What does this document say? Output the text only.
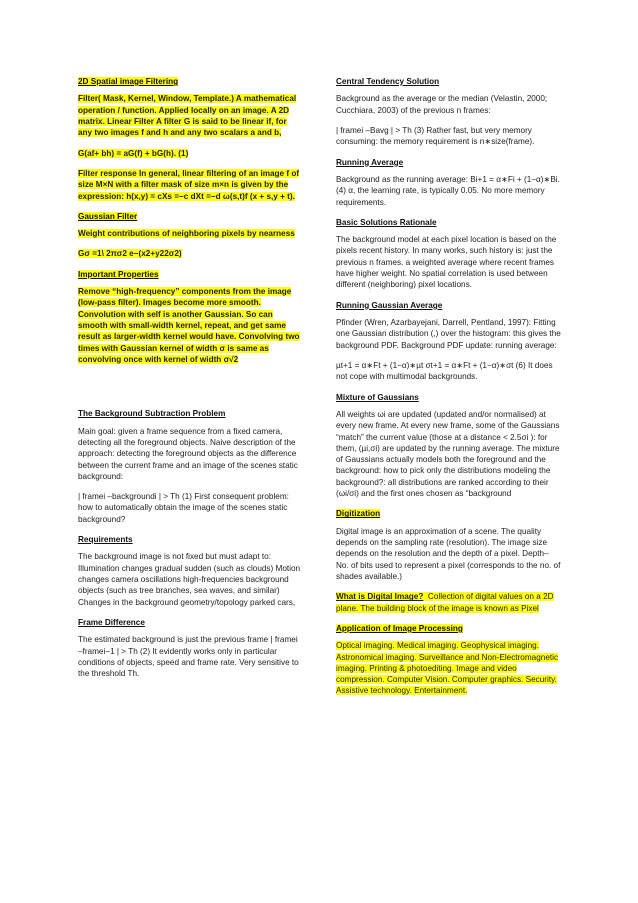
2D Spatial image Filtering
Filter( Mask, Kernel, Window, Template.) A mathematical operation / function. Applied locally on an image. A 2D matrix. Linear Filter A filter G is said to be linear if, for any two images f and h and any two scalars a and b,
G(af+ bh) = aG(f) + bG(h). (1)
Filter response In general, linear filtering of an image f of size M×N with a filter mask of size m×n is given by the expression: h(x,y) = cXs =−c dXt =−d ω(s,t)f (x + s,y + t).
Gaussian Filter
Weight contributions of neighboring pixels by nearness
Gσ =1\ 2πσ2 e−(x2+y22σ2)
Important Properties
Remove “high-frequency” components from the image (low-pass filter). Images become more smooth. Convolution with self is another Gaussian. So can smooth with small-width kernel, repeat, and get same result as larger-width kernel would have. Convolving two times with Gaussian kernel of width σ is same as convolving once with kernel of width σ√2
The Background Subtraction Problem
Main goal: given a frame sequence from a fixed camera, detecting all the foreground objects. Naive description of the approach: detecting the foreground objects as the difference between the current frame and an image of the scenes static background:
| framei –backgroundi | > Th (1) First consequent problem: how to automatically obtain the image of the scenes static background?
Requirements
The background image is not fixed but must adapt to: Illumination changes gradual sudden (such as clouds) Motion changes camera oscillations high-frequencies background objects (such as tree branches, sea waves, and similar) Changes in the background geometry/topology parked cars,
Frame Difference
The estimated background is just the previous frame | framei –framei−1 | > Th (2) It evidently works only in particular conditions of objects, speed and frame rate. Very sensitive to the threshold Th.
Central Tendency Solution
Background as the average or the median (Velastin, 2000; Cucchiara, 2003) of the previous n frames:
| framei –Bavg | > Th (3) Rather fast, but very memory consuming: the memory requirement is n∗size(frame).
Running Average
Background as the running average: Bi+1 = α∗Fi + (1−α)∗Bi. (4) α, the learning rate, is typically 0.05. No more memory requirements.
Basic Solutions Rationale
The background model at each pixel location is based on the pixels recent history. In many works, such history is: just the previous n frames. a weighted average where recent frames have higher weight. No spatial correlation is used between different (neighboring) pixel locations.
Running Gaussian Average
Pfinder (Wren, Azarbayejani, Darrell, Pentland, 1997): Fitting one Gaussian distribution (,) over the histogram: this gives the background PDF. Background PDF update: running average:
µt+1 = α∗Ft + (1−α)∗µt σt+1 = α∗Ft + (1−α)∗σt (6) It does not cope with multimodal backgrounds.
Mixture of Gaussians
All weights ωi are updated (updated and/or normalised) at every new frame. At every new frame, some of the Gaussians “match” the current value (those at a distance < 2.5σi ): for them, (µi,σi) are updated by the running average. The mixture of Gaussians actually models both the foreground and the background: how to pick only the distributions modeling the background?: all distributions are ranked according to their (ωi/σi) and the first ones chosen as “background
Digitization
Digital image is an approximation of a scene. The quality depends on the sampling rate (resolution). The image size depends on the resolution and the depth of a pixel. Depth–No. of bits used to represent a pixel (corresponds to the no. of shades available.)
What is Digital Image? Collection of digital values on a 2D plane. The building block of the image is known as Pixel
Application of Image Processing
Optical imaging. Medical imaging. Geophysical imaging. Astronomical imaging. Surveillance and Non-Electromagnetic imaging. Printing & photoediting. Image and video compression. Computer Vision. Computer graphics. Security. Assistive technology. Entertainment.
